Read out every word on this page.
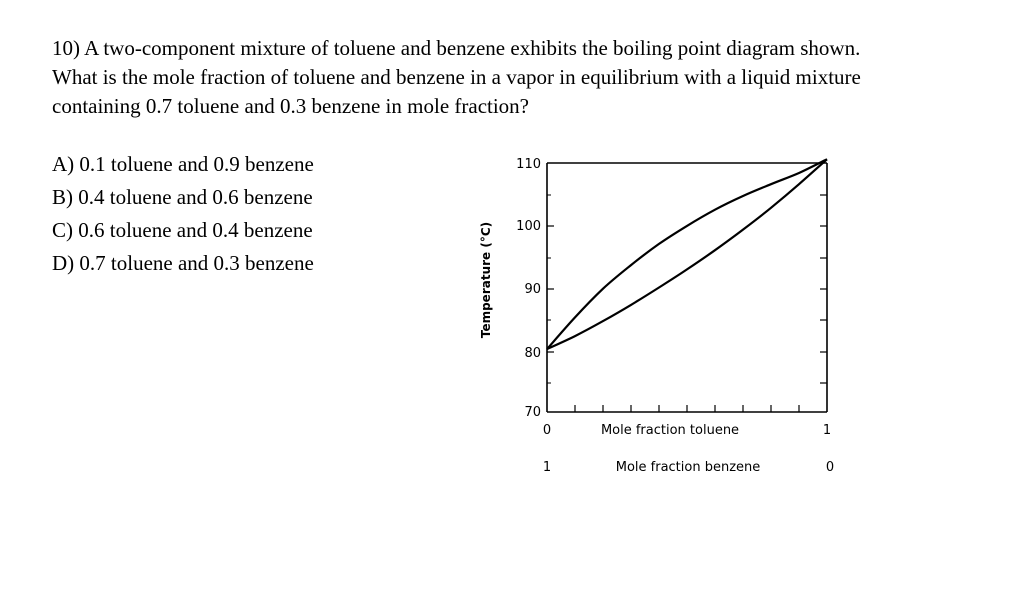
10) A two-component mixture of toluene and benzene exhibits the boiling point diagram shown.
What is the mole fraction of toluene and benzene in a vapor in equilibrium with a liquid mixture
containing 0.7 toluene and 0.3 benzene in mole fraction?
A) 0.1 toluene and 0.9 benzene
B) 0.4 toluene and 0.6 benzene
C) 0.6 toluene and 0.4 benzene
D) 0.7 toluene and 0.3 benzene	Temperature (°C)
110
100
90
80
70
0	Mole fraction toluene	1
1	Mole fraction benzene	0
